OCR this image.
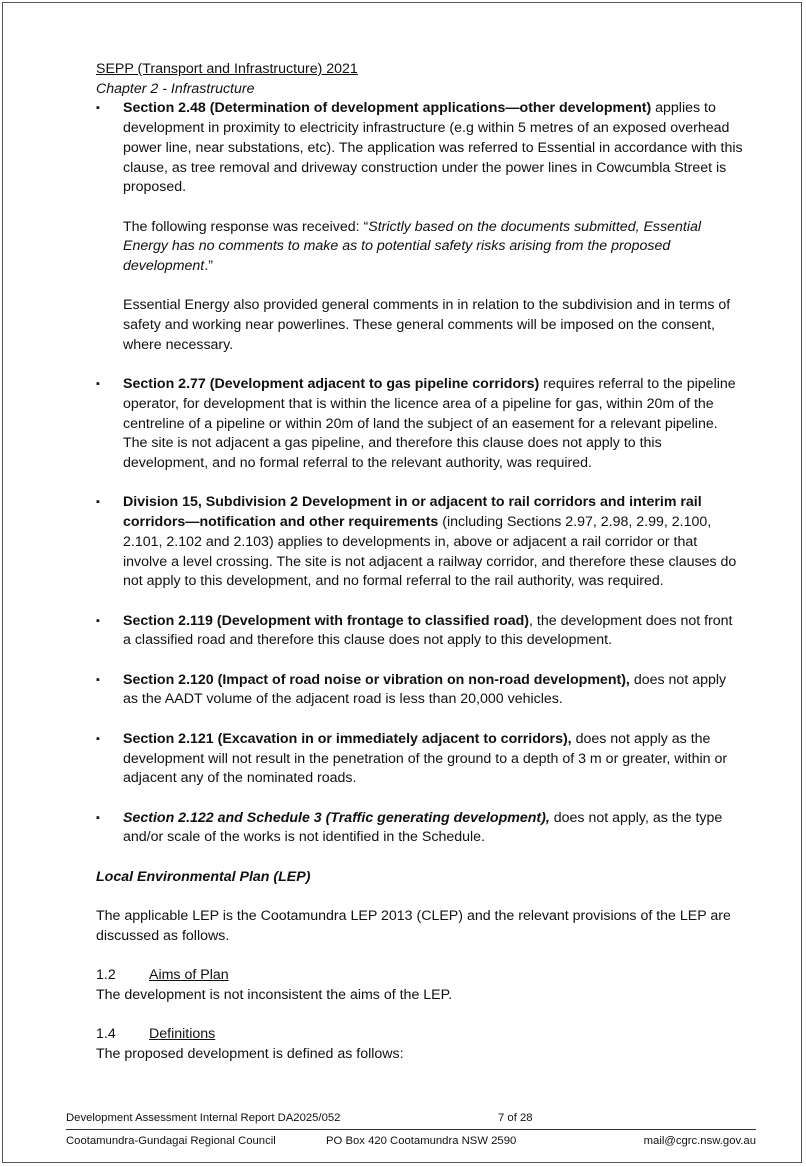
SEPP (Transport and Infrastructure) 2021
Chapter 2 - Infrastructure
▪	Section 2.48 (Determination of development applications—other development) applies to development in proximity to electricity infrastructure (e.g within 5 metres of an exposed overhead power line, near substations, etc). The application was referred to Essential in accordance with this clause, as tree removal and driveway construction under the power lines in Cowcumbla Street is proposed.

The following response was received: “Strictly based on the documents submitted, Essential Energy has no comments to make as to potential safety risks arising from the proposed development.”

Essential Energy also provided general comments in in relation to the subdivision and in terms of safety and working near powerlines. These general comments will be imposed on the consent, where necessary.

▪	Section 2.77 (Development adjacent to gas pipeline corridors) requires referral to the pipeline operator, for development that is within the licence area of a pipeline for gas, within 20m of the centreline of a pipeline or within 20m of land the subject of an easement for a relevant pipeline. The site is not adjacent a gas pipeline, and therefore this clause does not apply to this development, and no formal referral to the relevant authority, was required.

▪	Division 15, Subdivision 2 Development in or adjacent to rail corridors and interim rail corridors—notification and other requirements (including Sections 2.97, 2.98, 2.99, 2.100, 2.101, 2.102 and 2.103) applies to developments in, above or adjacent a rail corridor or that involve a level crossing. The site is not adjacent a railway corridor, and therefore these clauses do not apply to this development, and no formal referral to the rail authority, was required.

▪	Section 2.119 (Development with frontage to classified road), the development does not front a classified road and therefore this clause does not apply to this development.

▪	Section 2.120 (Impact of road noise or vibration on non-road development), does not apply as the AADT volume of the adjacent road is less than 20,000 vehicles.

▪	Section 2.121 (Excavation in or immediately adjacent to corridors), does not apply as the development will not result in the penetration of the ground to a depth of 3 m or greater, within or adjacent any of the nominated roads.

▪	Section 2.122 and Schedule 3 (Traffic generating development), does not apply, as the type and/or scale of the works is not identified in the Schedule.

Local Environmental Plan (LEP)

The applicable LEP is the Cootamundra LEP 2013 (CLEP) and the relevant provisions of the LEP are discussed as follows.

1.2 Aims of Plan

The development is not inconsistent the aims of the LEP.

1.4 Definitions

The proposed development is defined as follows:

Development Assessment Internal Report DA2025/052	7 of 28
Cootamundra-Gundagai Regional Council	PO Box 420 Cootamundra NSW 2590	mail@cgrc.nsw.gov.au
